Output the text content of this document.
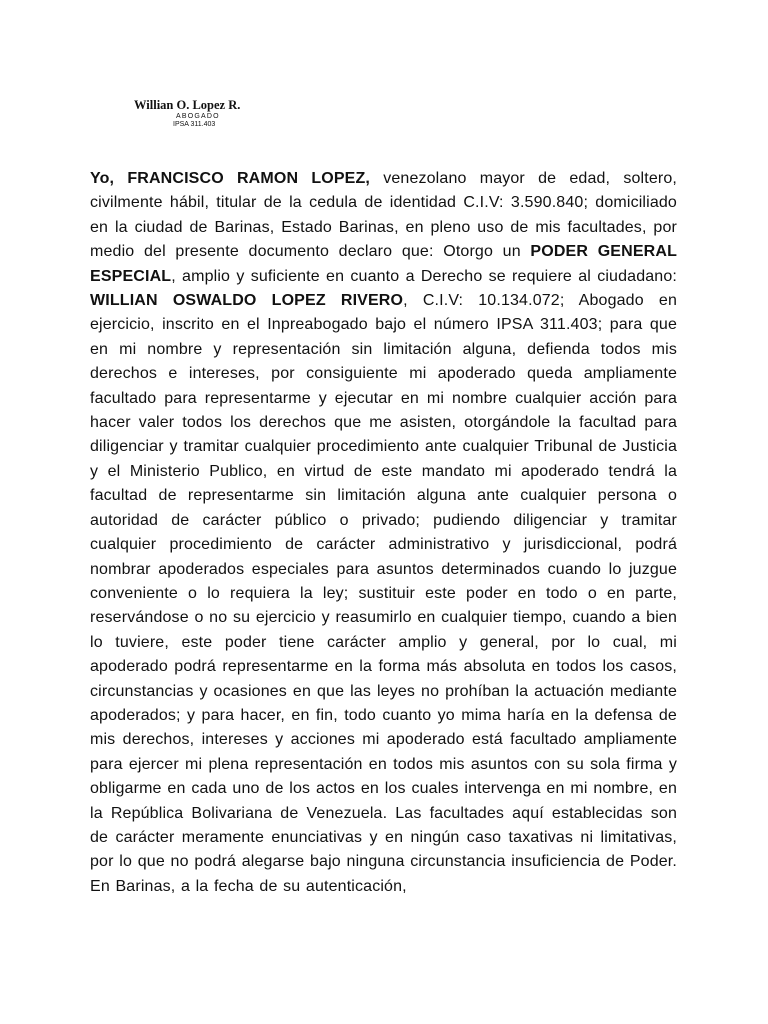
Willian O. Lopez R.
ABOGADO
IPSA 311.403
Yo, FRANCISCO RAMON LOPEZ, venezolano mayor de edad, soltero, civilmente hábil, titular de la cedula de identidad C.I.V: 3.590.840; domiciliado en la ciudad de Barinas, Estado Barinas, en pleno uso de mis facultades, por medio del presente documento declaro que: Otorgo un PODER GENERAL ESPECIAL, amplio y suficiente en cuanto a Derecho se requiere al ciudadano: WILLIAN OSWALDO LOPEZ RIVERO, C.I.V: 10.134.072; Abogado en ejercicio, inscrito en el Inpreabogado bajo el número IPSA 311.403; para que en mi nombre y representación sin limitación alguna, defienda todos mis derechos e intereses, por consiguiente mi apoderado queda ampliamente facultado para representarme y ejecutar en mi nombre cualquier acción para hacer valer todos los derechos que me asisten, otorgándole la facultad para diligenciar y tramitar cualquier procedimiento ante cualquier Tribunal de Justicia y el Ministerio Publico, en virtud de este mandato mi apoderado tendrá la facultad de representarme sin limitación alguna ante cualquier persona o autoridad de carácter público o privado; pudiendo diligenciar y tramitar cualquier procedimiento de carácter administrativo y jurisdiccional, podrá nombrar apoderados especiales para asuntos determinados cuando lo juzgue conveniente o lo requiera la ley; sustituir este poder en todo o en parte, reservándose o no su ejercicio y reasumirlo en cualquier tiempo, cuando a bien lo tuviere, este poder tiene carácter amplio y general, por lo cual, mi apoderado podrá representarme en la forma más absoluta en todos los casos, circunstancias y ocasiones en que las leyes no prohíban la actuación mediante apoderados; y para hacer, en fin, todo cuanto yo mima haría en la defensa de mis derechos, intereses y acciones mi apoderado está facultado ampliamente para ejercer mi plena representación en todos mis asuntos con su sola firma y obligarme en cada uno de los actos en los cuales intervenga en mi nombre, en la República Bolivariana de Venezuela. Las facultades aquí establecidas son de carácter meramente enunciativas y en ningún caso taxativas ni limitativas, por lo que no podrá alegarse bajo ninguna circunstancia insuficiencia de Poder. En Barinas, a la fecha de su autenticación,
